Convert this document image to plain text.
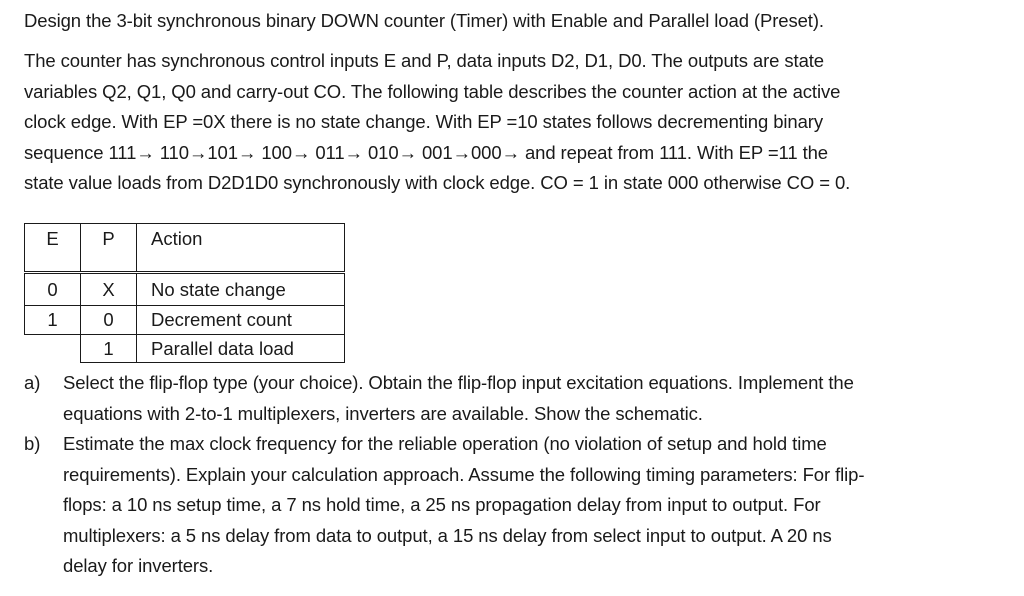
Design the 3-bit synchronous binary DOWN counter (Timer) with Enable and Parallel load (Preset).

The counter has synchronous control inputs E and P, data inputs D2, D1, D0. The outputs are state
variables Q2, Q1, Q0 and carry-out CO. The following table describes the counter action at the active
clock edge. With EP =0X there is no state change. With EP =10 states follows decrementing binary
sequence 111→ 110→101→ 100→ 011→ 010→ 001→000→ and repeat from 111. With EP =11 the
state value loads from D2D1D0 synchronously with clock edge. CO = 1 in state 000 otherwise CO = 0.
E	P	Action
0	X	No state change
1	0	Decrement count
	1	Parallel data load
a) Select the flip-flop type (your choice). Obtain the flip-flop input excitation equations. Implement the
equations with 2-to-1 multiplexers, inverters are available. Show the schematic.
b) Estimate the max clock frequency for the reliable operation (no violation of setup and hold time
requirements). Explain your calculation approach. Assume the following timing parameters: For flip-
flops: a 10 ns setup time, a 7 ns hold time, a 25 ns propagation delay from input to output. For
multiplexers: a 5 ns delay from data to output, a 15 ns delay from select input to output. A 20 ns
delay for inverters.
